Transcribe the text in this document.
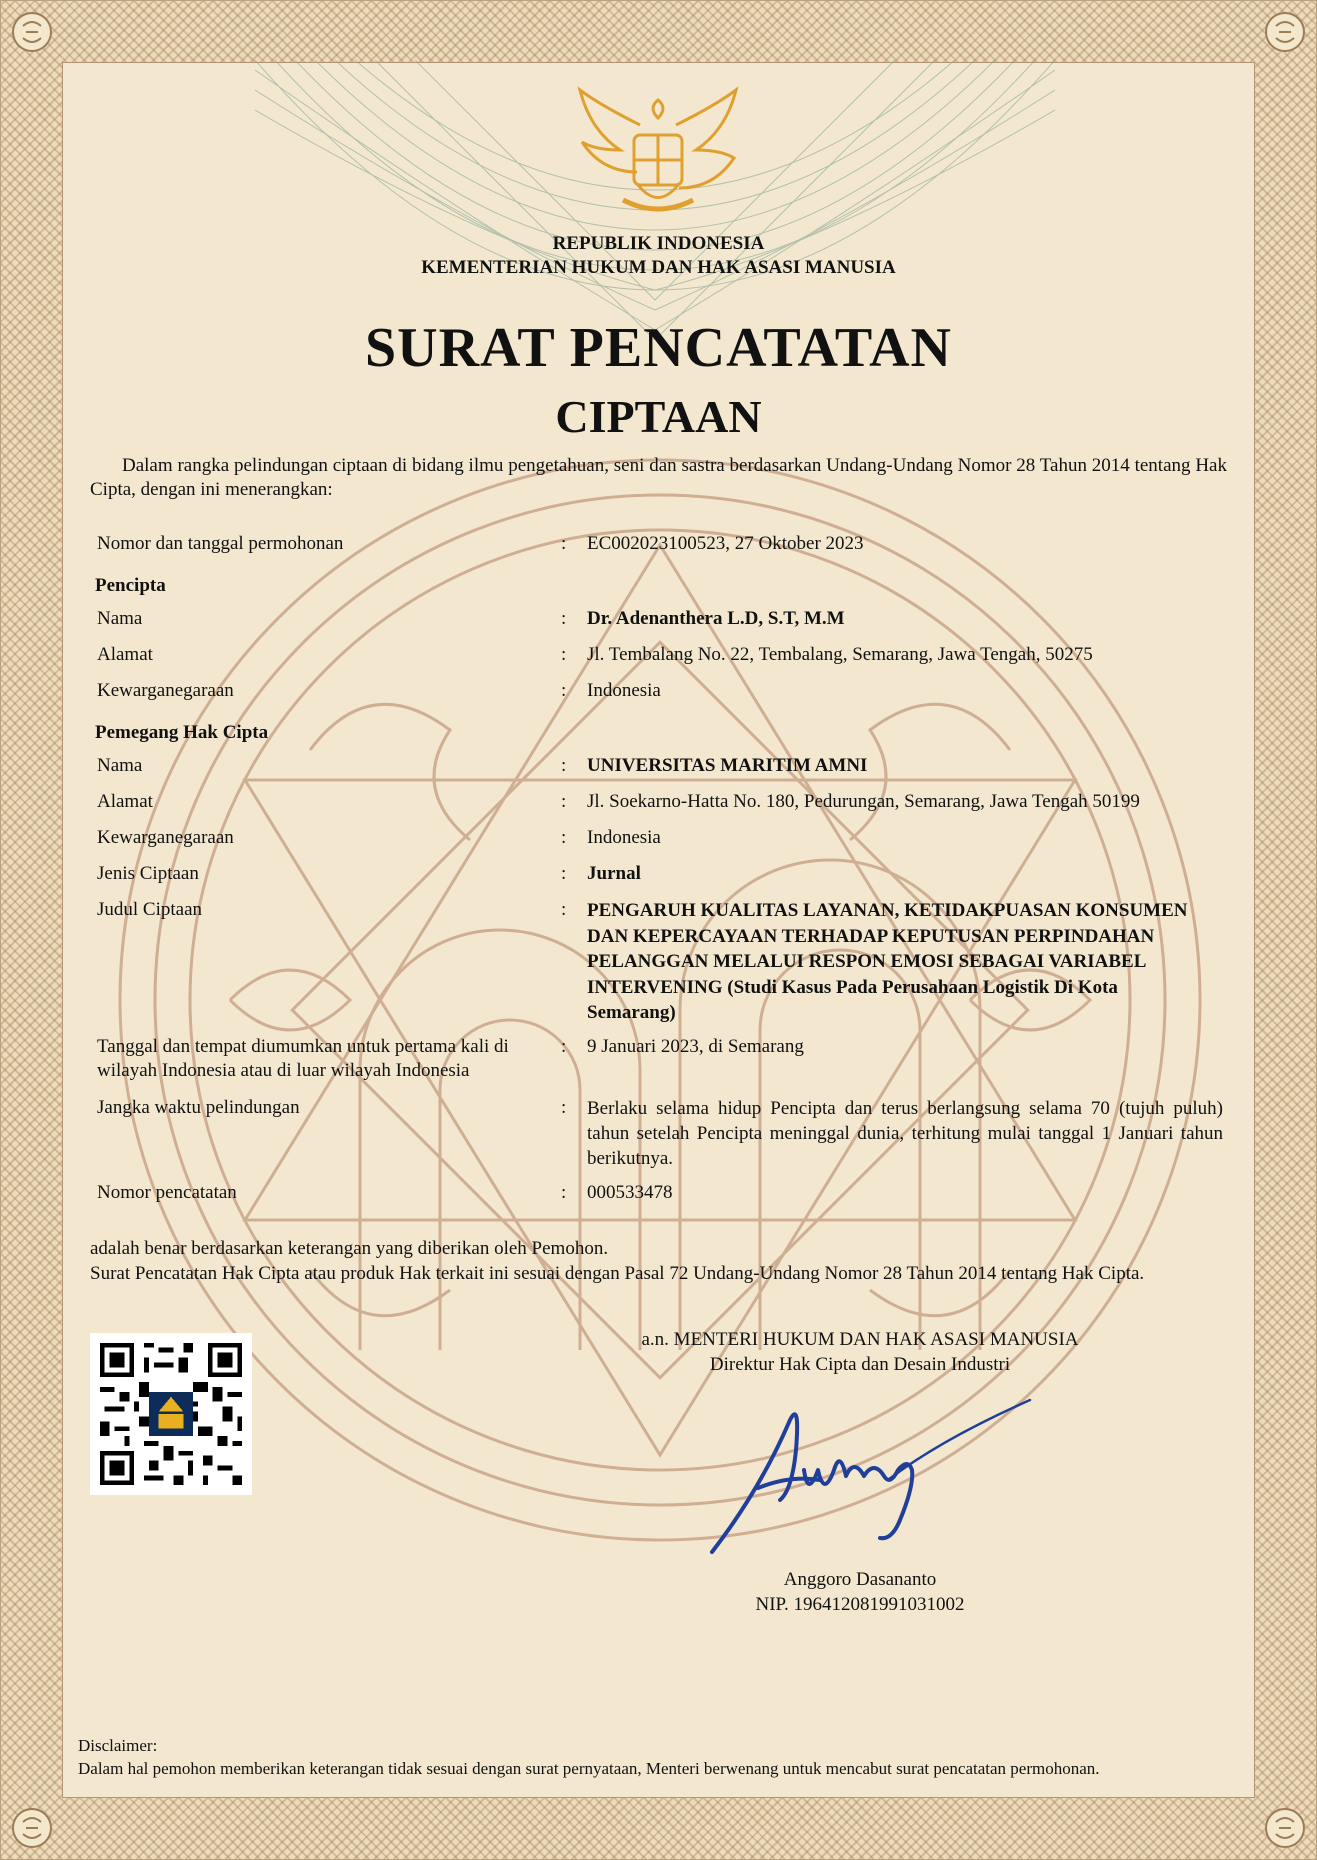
REPUBLIK INDONESIA
KEMENTERIAN HUKUM DAN HAK ASASI MANUSIA
SURAT PENCATATAN
CIPTAAN
Dalam rangka pelindungan ciptaan di bidang ilmu pengetahuan, seni dan sastra berdasarkan Undang-Undang Nomor 28 Tahun 2014 tentang Hak Cipta, dengan ini menerangkan:
Nomor dan tanggal permohonan	: EC002023100523, 27 Oktober 2023
Pencipta
Nama	: Dr. Adenanthera L.D, S.T, M.M
Alamat	: Jl. Tembalang No. 22, Tembalang, Semarang, Jawa Tengah, 50275
Kewarganegaraan	: Indonesia
Pemegang Hak Cipta
Nama	: UNIVERSITAS MARITIM AMNI
Alamat	: Jl. Soekarno-Hatta No. 180, Pedurungan, Semarang, Jawa Tengah 50199
Kewarganegaraan	: Indonesia
Jenis Ciptaan	: Jurnal
Judul Ciptaan	: PENGARUH KUALITAS LAYANAN, KETIDAKPUASAN KONSUMEN DAN KEPERCAYAAN TERHADAP KEPUTUSAN PERPINDAHAN PELANGGAN MELALUI RESPON EMOSI SEBAGAI VARIABEL INTERVENING (Studi Kasus Pada Perusahaan Logistik Di Kota Semarang)
Tanggal dan tempat diumumkan untuk pertama kali di wilayah Indonesia atau di luar wilayah Indonesia
: 9 Januari 2023, di Semarang
Jangka waktu pelindungan	: Berlaku selama hidup Pencipta dan terus berlangsung selama 70 (tujuh puluh) tahun setelah Pencipta meninggal dunia, terhitung mulai tanggal 1 Januari tahun berikutnya.
Nomor pencatatan	: 000533478
adalah benar berdasarkan keterangan yang diberikan oleh Pemohon.
Surat Pencatatan Hak Cipta atau produk Hak terkait ini sesuai dengan Pasal 72 Undang-Undang Nomor 28 Tahun 2014 tentang Hak Cipta.
a.n. MENTERI HUKUM DAN HAK ASASI MANUSIA
Direktur Hak Cipta dan Desain Industri
Anggoro Dasananto
NIP. 196412081991031002
Disclaimer:
Dalam hal pemohon memberikan keterangan tidak sesuai dengan surat pernyataan, Menteri berwenang untuk mencabut surat pencatatan permohonan.
